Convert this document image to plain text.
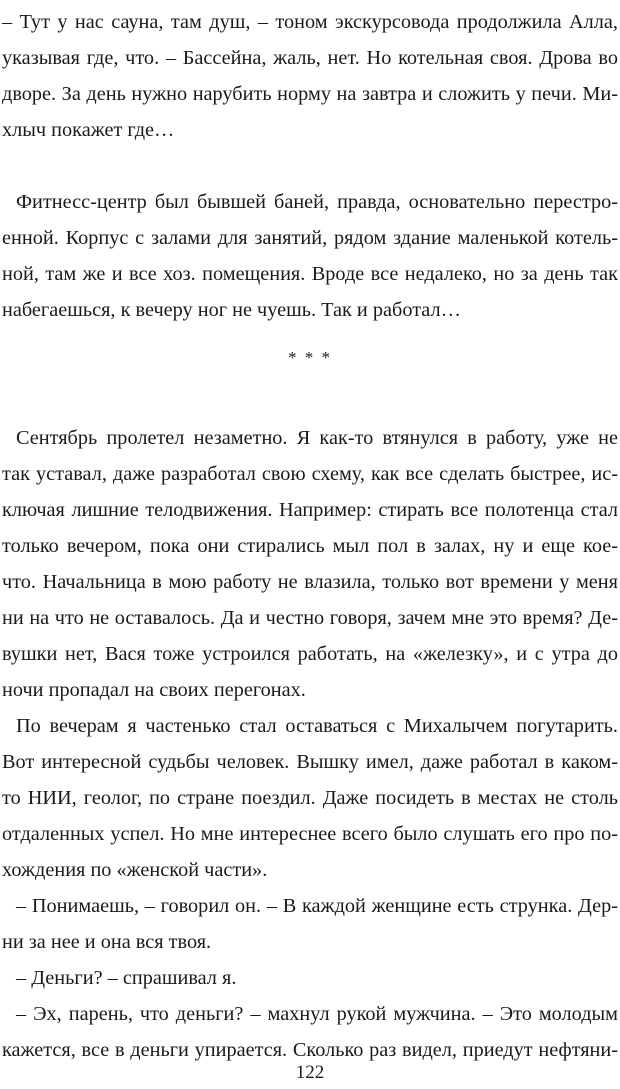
– Тут у нас сауна, там душ, – тоном экскурсовода продолжила Алла,
указывая где, что. – Бассейна, жаль, нет. Но котельная своя. Дрова во
дворе. За день нужно нарубить норму на завтра и сложить у печи. Ми-
хлыч покажет где…
Фитнесс-центр был бывшей баней, правда, основательно перестро-
енной. Корпус с залами для занятий, рядом здание маленькой котель-
ной, там же и все хоз. помещения. Вроде все недалеко, но за день так
набегаешься, к вечеру ног не чуешь. Так и работал…
* * *
Сентябрь пролетел незаметно. Я как-то втянулся в работу, уже не
так уставал, даже разработал свою схему, как все сделать быстрее, ис-
ключая лишние телодвижения. Например: стирать все полотенца стал
только вечером, пока они стирались мыл пол в залах, ну и еще кое-
что. Начальница в мою работу не влазила, только вот времени у меня
ни на что не оставалось. Да и честно говоря, зачем мне это время? Де-
вушки нет, Вася тоже устроился работать, на «железку», и с утра до
ночи пропадал на своих перегонах.
По вечерам я частенько стал оставаться с Михалычем погутарить.
Вот интересной судьбы человек. Вышку имел, даже работал в каком-
то НИИ, геолог, по стране поездил. Даже посидеть в местах не столь
отдаленных успел. Но мне интереснее всего было слушать его про по-
хождения по «женской части».
– Понимаешь, – говорил он. – В каждой женщине есть струнка. Дер-
ни за нее и она вся твоя.
– Деньги? – спрашивал я.
– Эх, парень, что деньги? – махнул рукой мужчина. – Это молодым
кажется, все в деньги упирается. Сколько раз видел, приедут нефтяни-
122
